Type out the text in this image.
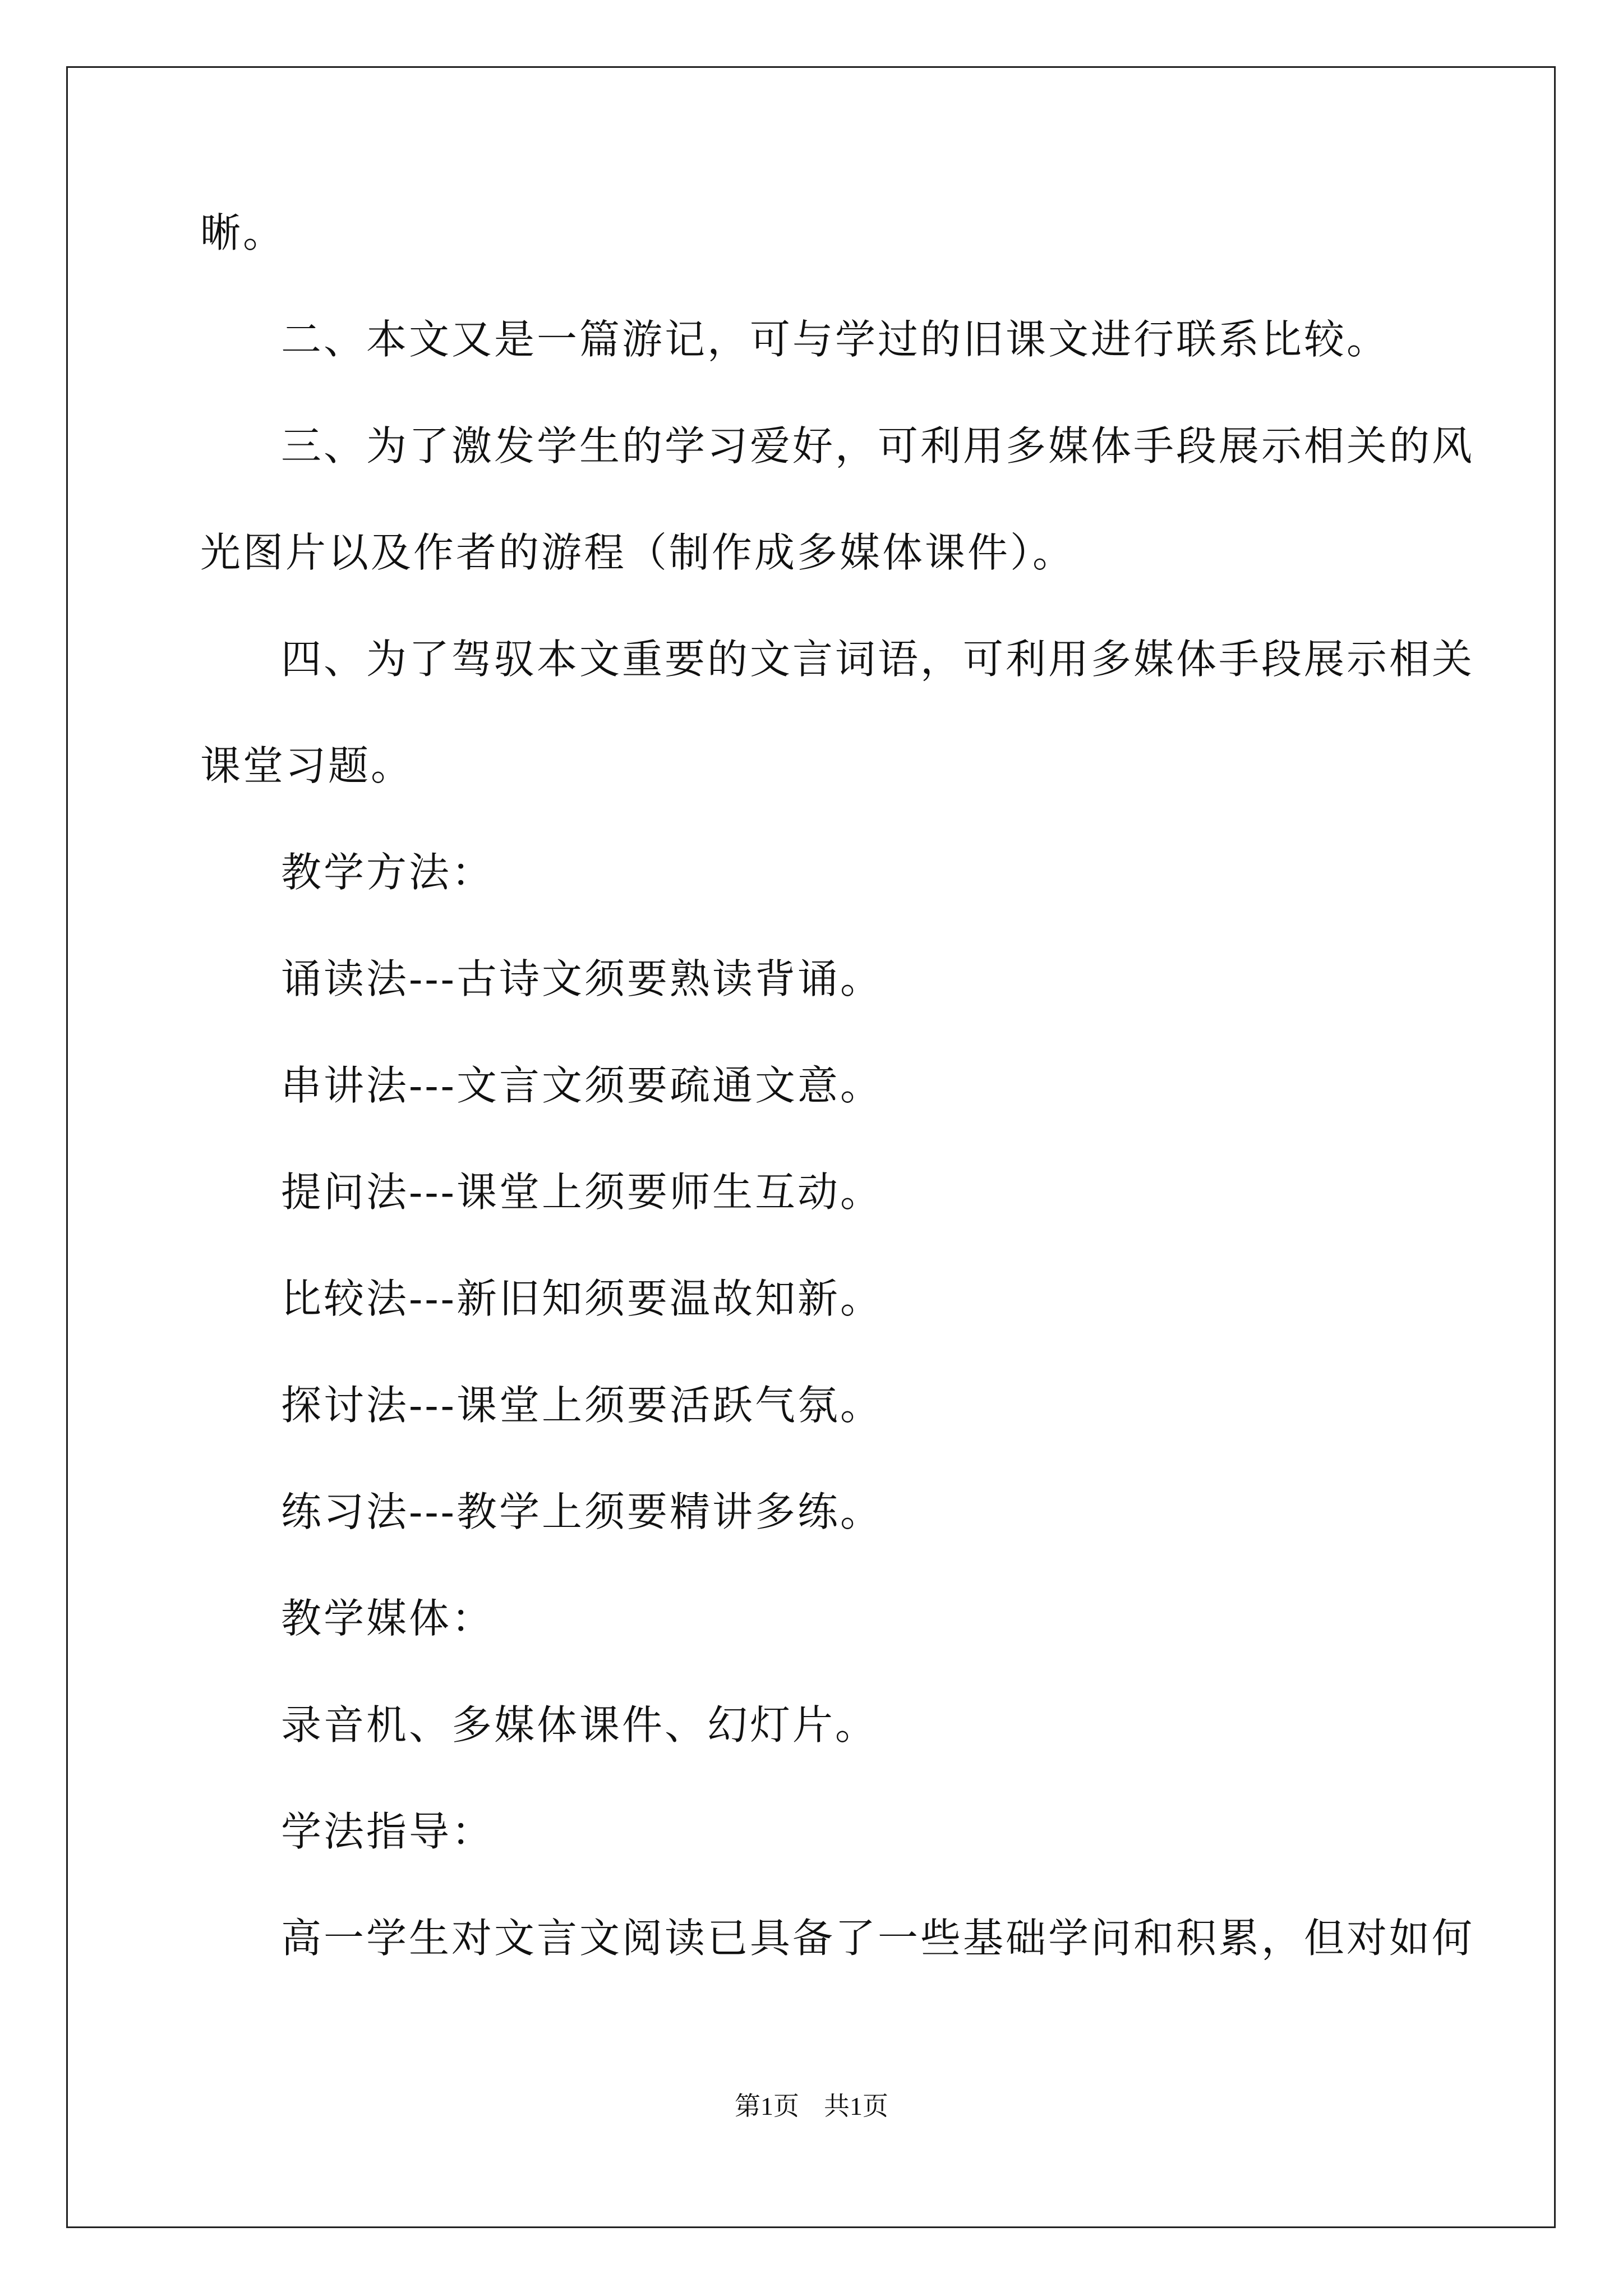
晰。
二、本文又是一篇游记，可与学过的旧课文进行联系比较。
三、为了激发学生的学习爱好，可利用多媒体手段展示相关的风
光图片以及作者的游程（制作成多媒体课件）。
四、为了驾驭本文重要的文言词语，可利用多媒体手段展示相关
课堂习题。
教学方法：
诵读法---古诗文须要熟读背诵。
串讲法---文言文须要疏通文意。
提问法---课堂上须要师生互动。
比较法---新旧知须要温故知新。
探讨法---课堂上须要活跃气氛。
练习法---教学上须要精讲多练。
教学媒体：
录音机、多媒体课件、幻灯片。
学法指导：
高一学生对文言文阅读已具备了一些基础学问和积累，但对如何
第1页 共1页
